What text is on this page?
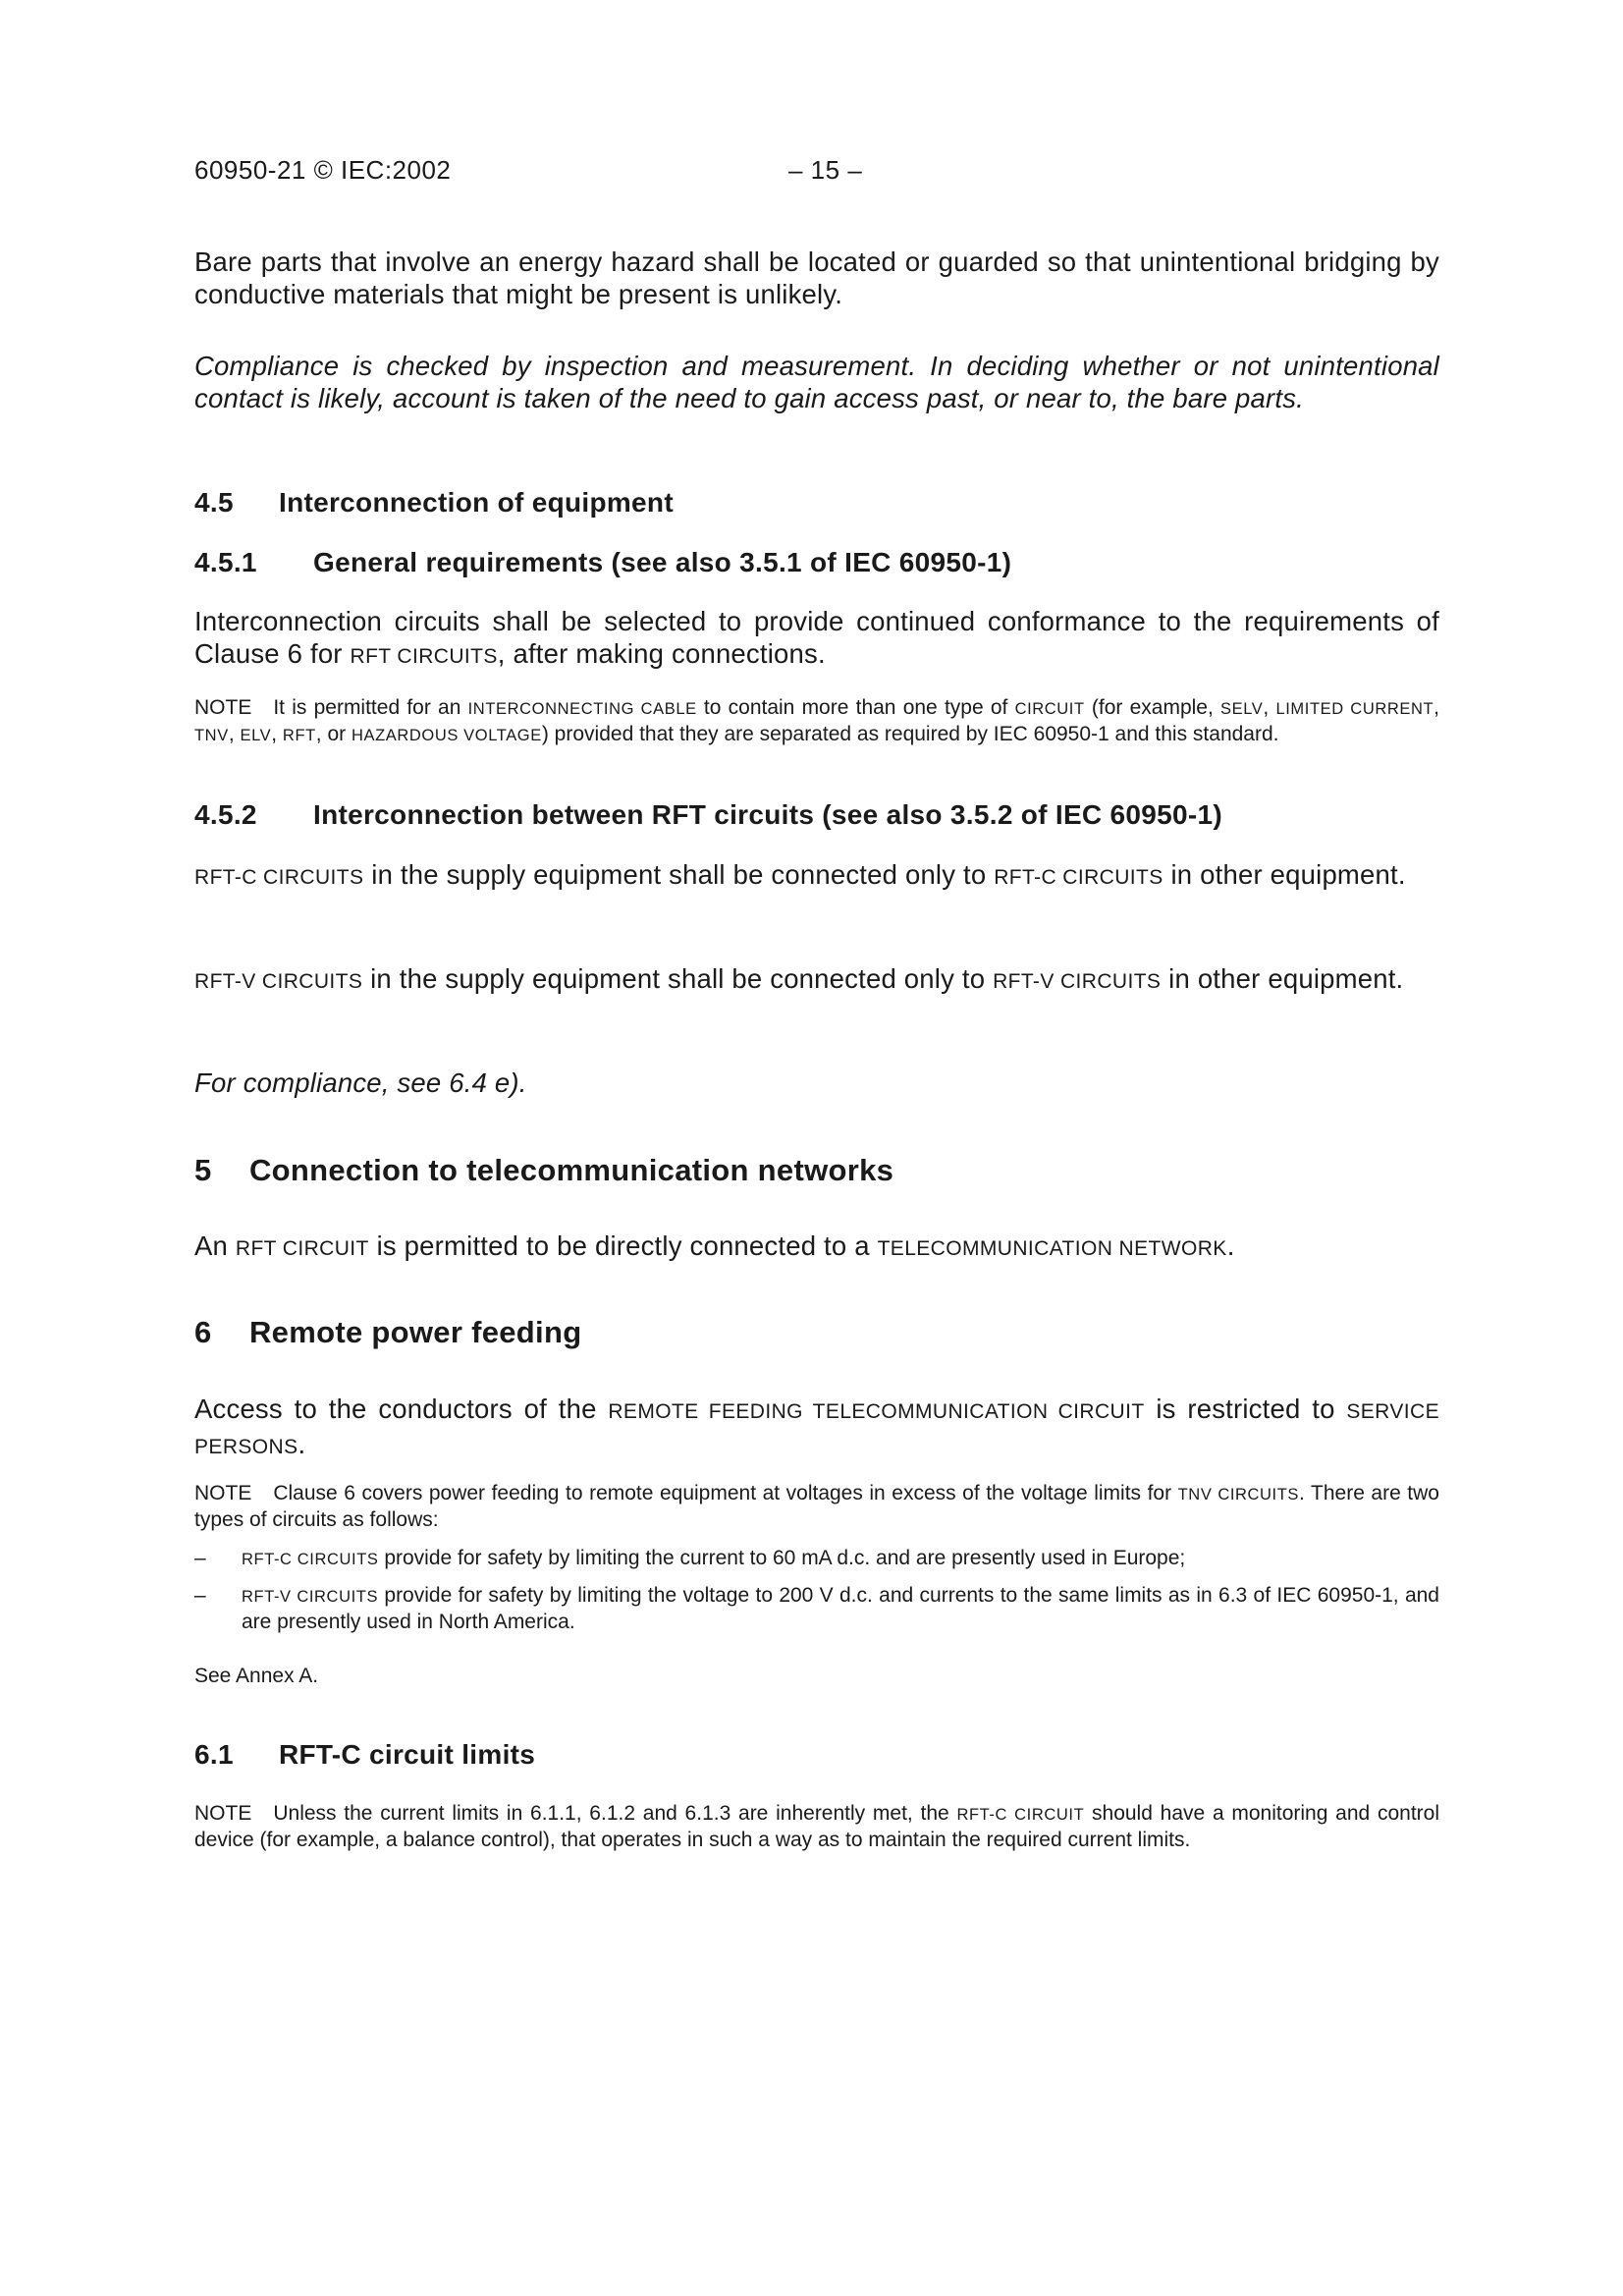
60950-21 © IEC:2002	– 15 –

Bare parts that involve an energy hazard shall be located or guarded so that unintentional bridging by conductive materials that might be present is unlikely.

Compliance is checked by inspection and measurement. In deciding whether or not unintentional contact is likely, account is taken of the need to gain access past, or near to, the bare parts.

4.5 Interconnection of equipment
4.5.1 General requirements (see also 3.5.1 of IEC 60950-1)

Interconnection circuits shall be selected to provide continued conformance to the requirements of Clause 6 for RFT CIRCUITS, after making connections.

NOTE It is permitted for an INTERCONNECTING CABLE to contain more than one type of CIRCUIT (for example, SELV, LIMITED CURRENT, TNV, ELV, RFT, or HAZARDOUS VOLTAGE) provided that they are separated as required by IEC 60950-1 and this standard.

4.5.2 Interconnection between RFT circuits (see also 3.5.2 of IEC 60950-1)

RFT-C CIRCUITS in the supply equipment shall be connected only to RFT-C CIRCUITS in other equipment.

RFT-V CIRCUITS in the supply equipment shall be connected only to RFT-V CIRCUITS in other equipment.

For compliance, see 6.4 e).

5 Connection to telecommunication networks

An RFT CIRCUIT is permitted to be directly connected to a TELECOMMUNICATION NETWORK.

6 Remote power feeding

Access to the conductors of the REMOTE FEEDING TELECOMMUNICATION CIRCUIT is restricted to SERVICE PERSONS.

NOTE Clause 6 covers power feeding to remote equipment at voltages in excess of the voltage limits for TNV CIRCUITS. There are two types of circuits as follows:

– RFT-C CIRCUITS provide for safety by limiting the current to 60 mA d.c. and are presently used in Europe;
– RFT-V CIRCUITS provide for safety by limiting the voltage to 200 V d.c. and currents to the same limits as in 6.3 of IEC 60950-1, and are presently used in North America.

See Annex A.

6.1 RFT-C circuit limits

NOTE Unless the current limits in 6.1.1, 6.1.2 and 6.1.3 are inherently met, the RFT-C CIRCUIT should have a monitoring and control device (for example, a balance control), that operates in such a way as to maintain the required current limits.
